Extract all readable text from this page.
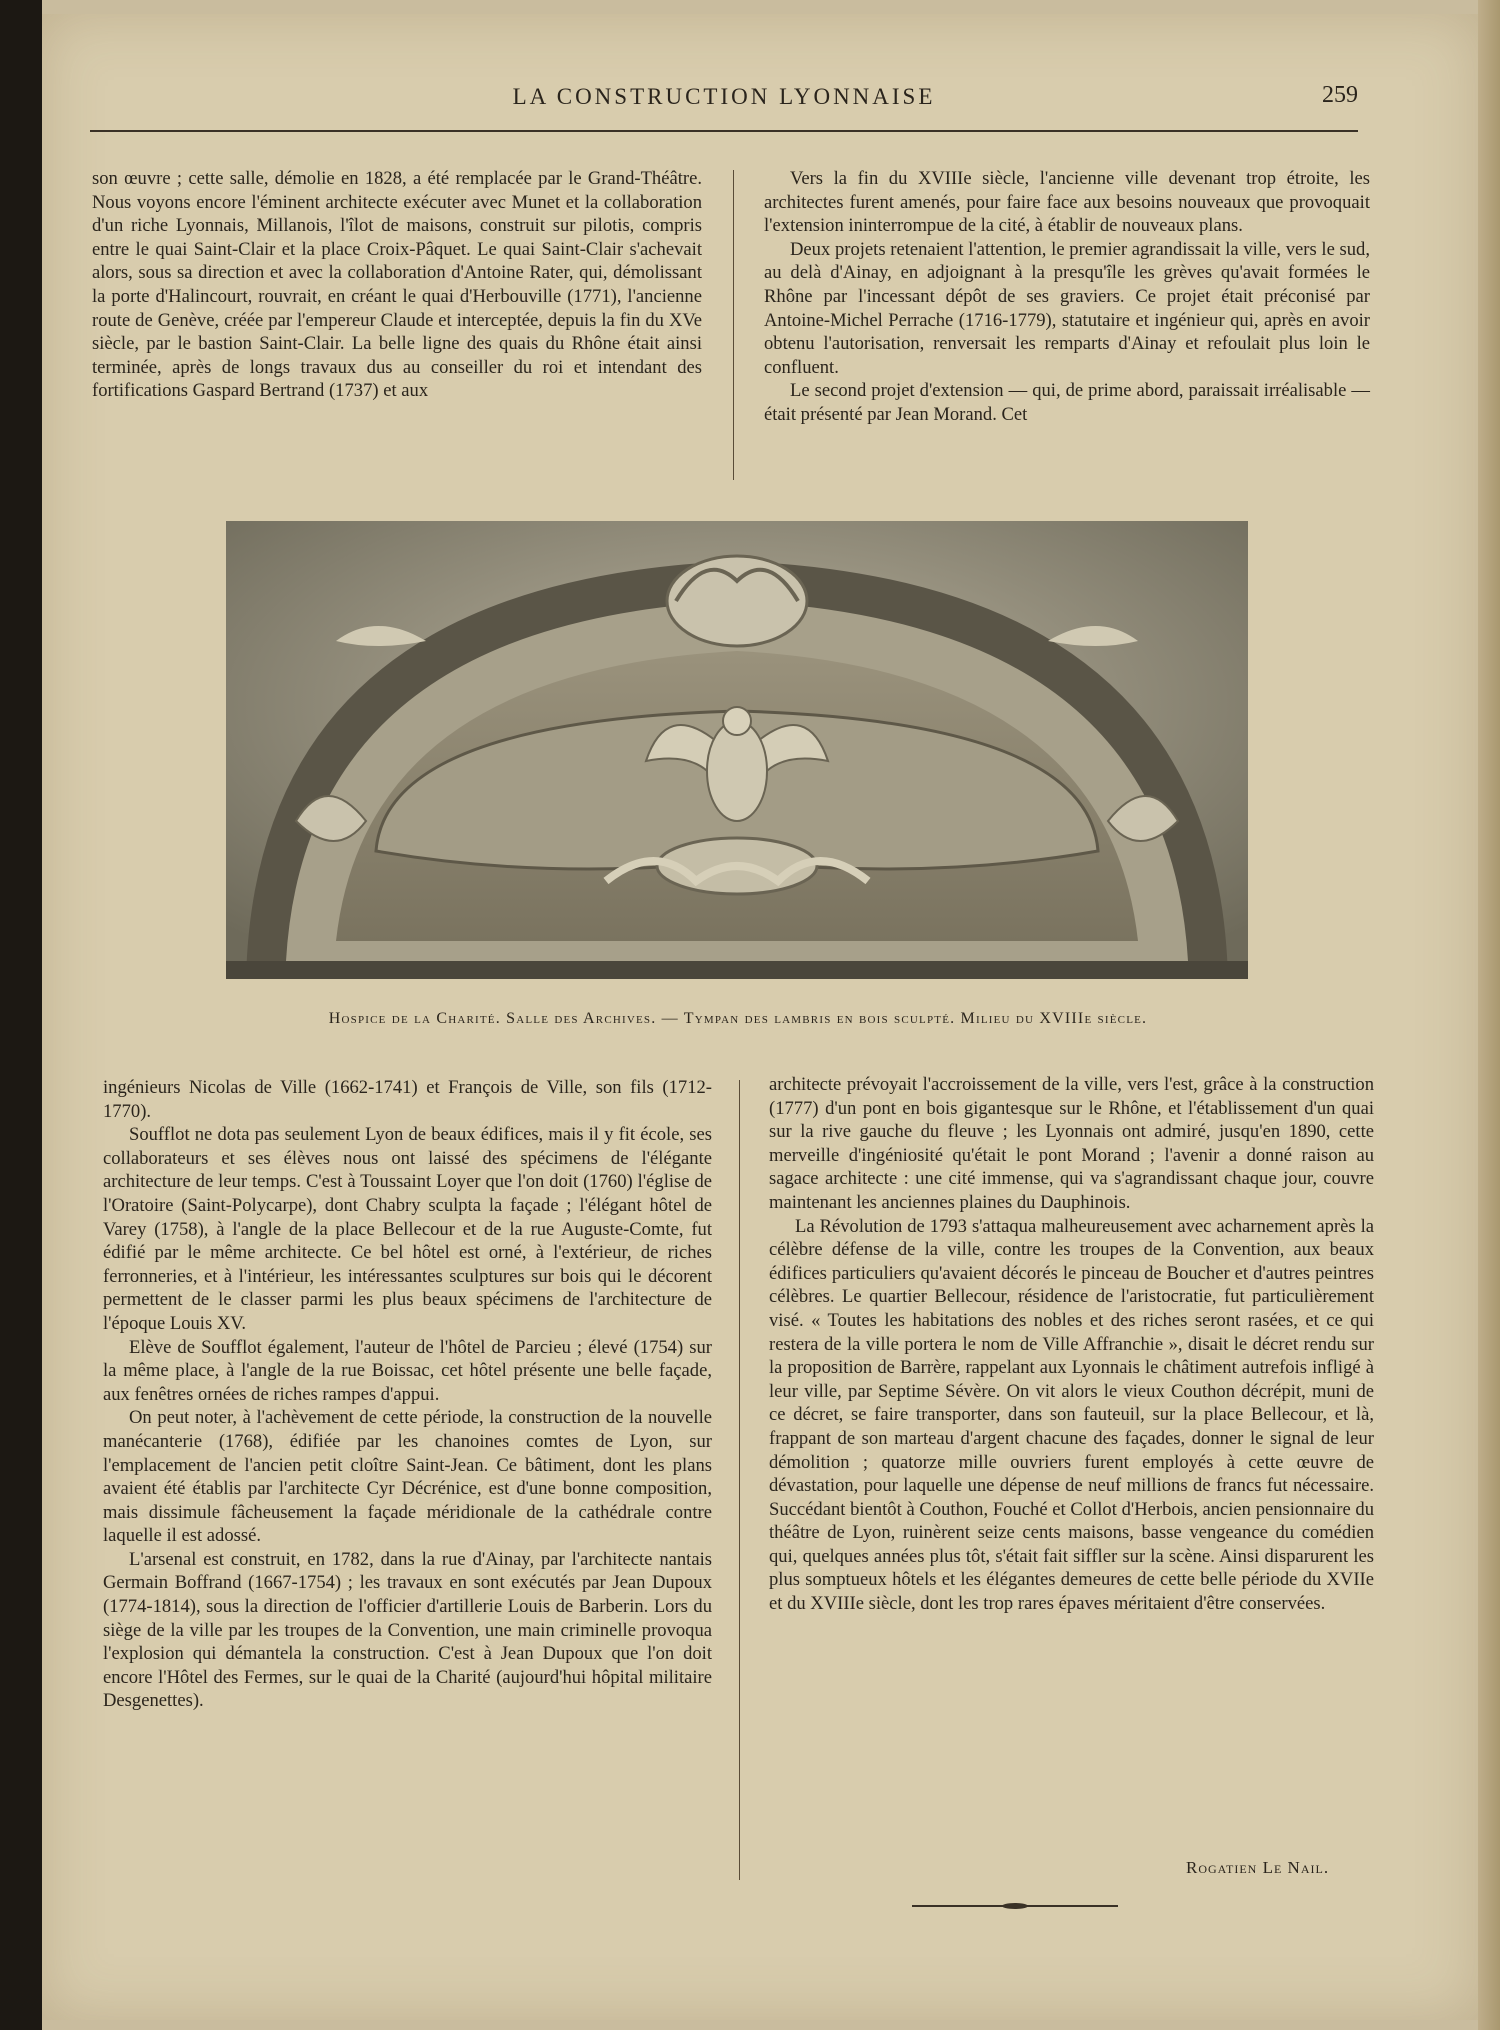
LA CONSTRUCTION LYONNAISE	259

son œuvre ; cette salle, démolie en 1828, a été remplacée par le Grand-Théâtre. Nous voyons encore l'éminent architecte exécuter avec Munet et la collaboration d'un riche Lyonnais, Millanois, l'îlot de maisons, construit sur pilotis, compris entre le quai Saint-Clair et la place Croix-Pâquet. Le quai Saint-Clair s'achevait alors, sous sa direction et avec la collaboration d'Antoine Rater, qui, démolissant la porte d'Halincourt, rouvrait, en créant le quai d'Herbouville (1771), l'ancienne route de Genève, créée par l'empereur Claude et interceptée, depuis la fin du XVe siècle, par le bastion Saint-Clair. La belle ligne des quais du Rhône était ainsi terminée, après de longs travaux dus au conseiller du roi et intendant des fortifications Gaspard Bertrand (1737) et aux

Vers la fin du XVIIIe siècle, l'ancienne ville devenant trop étroite, les architectes furent amenés, pour faire face aux besoins nouveaux que provoquait l'extension ininterrompue de la cité, à établir de nouveaux plans.

Deux projets retenaient l'attention, le premier agrandissait la ville, vers le sud, au delà d'Ainay, en adjoignant à la presqu'île les grèves qu'avait formées le Rhône par l'incessant dépôt de ses graviers. Ce projet était préconisé par Antoine-Michel Perrache (1716-1779), statutaire et ingénieur qui, après en avoir obtenu l'autorisation, renversait les remparts d'Ainay et refoulait plus loin le confluent.

Le second projet d'extension — qui, de prime abord, paraissait irréalisable — était présenté par Jean Morand. Cet

Hospice de la Charité. Salle des Archives. — Tympan des lambris en bois sculpté. Milieu du XVIIIe siècle.

ingénieurs Nicolas de Ville (1662-1741) et François de Ville, son fils (1712-1770).

Soufflot ne dota pas seulement Lyon de beaux édifices, mais il y fit école, ses collaborateurs et ses élèves nous ont laissé des spécimens de l'élégante architecture de leur temps. C'est à Toussaint Loyer que l'on doit (1760) l'église de l'Oratoire (Saint-Polycarpe), dont Chabry sculpta la façade ; l'élégant hôtel de Varey (1758), à l'angle de la place Bellecour et de la rue Auguste-Comte, fut édifié par le même architecte. Ce bel hôtel est orné, à l'extérieur, de riches ferronneries, et à l'intérieur, les intéressantes sculptures sur bois qui le décorent permettent de le classer parmi les plus beaux spécimens de l'architecture de l'époque Louis XV.

Elève de Soufflot également, l'auteur de l'hôtel de Parcieu ; élevé (1754) sur la même place, à l'angle de la rue Boissac, cet hôtel présente une belle façade, aux fenêtres ornées de riches rampes d'appui.

On peut noter, à l'achèvement de cette période, la construction de la nouvelle manécanterie (1768), édifiée par les chanoines comtes de Lyon, sur l'emplacement de l'ancien petit cloître Saint-Jean. Ce bâtiment, dont les plans avaient été établis par l'architecte Cyr Décrénice, est d'une bonne composition, mais dissimule fâcheusement la façade méridionale de la cathédrale contre laquelle il est adossé.

L'arsenal est construit, en 1782, dans la rue d'Ainay, par l'architecte nantais Germain Boffrand (1667-1754) ; les travaux en sont exécutés par Jean Dupoux (1774-1814), sous la direction de l'officier d'artillerie Louis de Barberin. Lors du siège de la ville par les troupes de la Convention, une main criminelle provoqua l'explosion qui démantela la construction. C'est à Jean Dupoux que l'on doit encore l'Hôtel des Fermes, sur le quai de la Charité (aujourd'hui hôpital militaire Desgenettes).

architecte prévoyait l'accroissement de la ville, vers l'est, grâce à la construction (1777) d'un pont en bois gigantesque sur le Rhône, et l'établissement d'un quai sur la rive gauche du fleuve ; les Lyonnais ont admiré, jusqu'en 1890, cette merveille d'ingéniosité qu'était le pont Morand ; l'avenir a donné raison au sagace architecte : une cité immense, qui va s'agrandissant chaque jour, couvre maintenant les anciennes plaines du Dauphinois.

La Révolution de 1793 s'attaqua malheureusement avec acharnement après la célèbre défense de la ville, contre les troupes de la Convention, aux beaux édifices particuliers qu'avaient décorés le pinceau de Boucher et d'autres peintres célèbres. Le quartier Bellecour, résidence de l'aristocratie, fut particulièrement visé. « Toutes les habitations des nobles et des riches seront rasées, et ce qui restera de la ville portera le nom de Ville Affranchie », disait le décret rendu sur la proposition de Barrère, rappelant aux Lyonnais le châtiment autrefois infligé à leur ville, par Septime Sévère. On vit alors le vieux Couthon décrépit, muni de ce décret, se faire transporter, dans son fauteuil, sur la place Bellecour, et là, frappant de son marteau d'argent chacune des façades, donner le signal de leur démolition ; quatorze mille ouvriers furent employés à cette œuvre de dévastation, pour laquelle une dépense de neuf millions de francs fut nécessaire. Succédant bientôt à Couthon, Fouché et Collot d'Herbois, ancien pensionnaire du théâtre de Lyon, ruinèrent seize cents maisons, basse vengeance du comédien qui, quelques années plus tôt, s'était fait siffler sur la scène. Ainsi disparurent les plus somptueux hôtels et les élégantes demeures de cette belle période du XVIIe et du XVIIIe siècle, dont les trop rares épaves méritaient d'être conservées.

Rogatien Le Nail.
